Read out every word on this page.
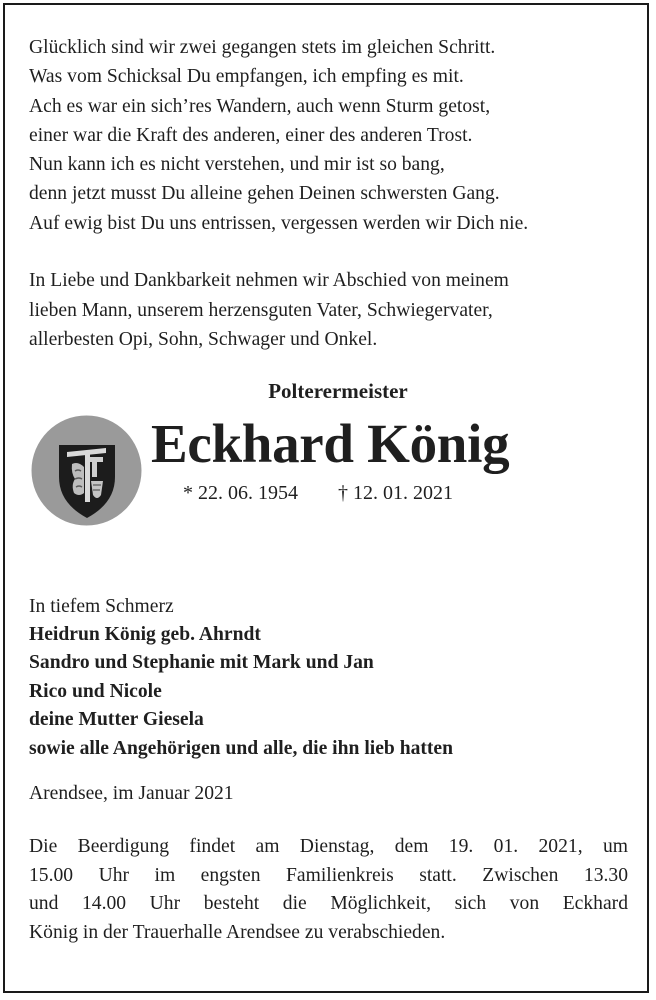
Glücklich sind wir zwei gegangen stets im gleichen Schritt.
Was vom Schicksal Du empfangen, ich empfing es mit.
Ach es war ein sich’res Wandern, auch wenn Sturm getost,
einer war die Kraft des anderen, einer des anderen Trost.
Nun kann ich es nicht verstehen, und mir ist so bang,
denn jetzt musst Du alleine gehen Deinen schwersten Gang.
Auf ewig bist Du uns entrissen, vergessen werden wir Dich nie.
In Liebe und Dankbarkeit nehmen wir Abschied von meinem
lieben Mann, unserem herzensguten Vater, Schwiegervater,
allerbesten Opi, Sohn, Schwager und Onkel.
Polterermeister
Eckhard König
* 22. 06. 1954 † 12. 01. 2021
In tiefem Schmerz
Heidrun König geb. Ahrndt
Sandro und Stephanie mit Mark und Jan
Rico und Nicole
deine Mutter Giesela
sowie alle Angehörigen und alle, die ihn lieb hatten
Arendsee, im Januar 2021
Die Beerdigung findet am Dienstag, dem 19. 01. 2021, um
15.00 Uhr im engsten Familienkreis statt. Zwischen 13.30
und 14.00 Uhr besteht die Möglichkeit, sich von Eckhard
König in der Trauerhalle Arendsee zu verabschieden.
